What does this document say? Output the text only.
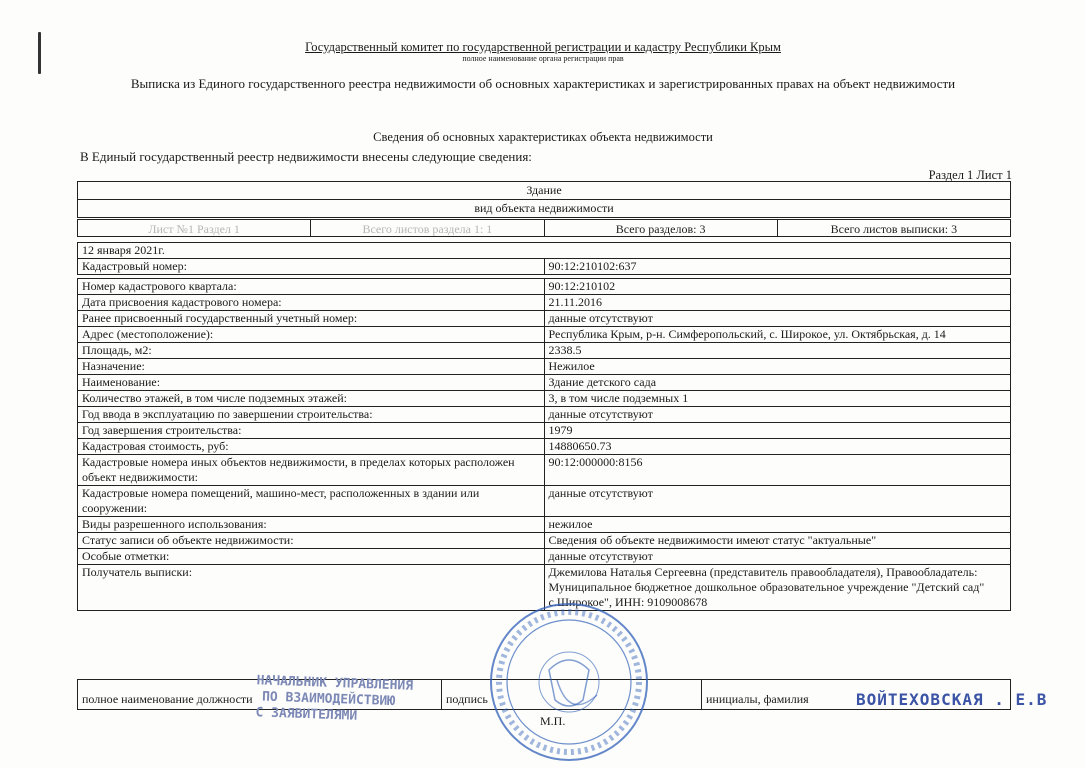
Государственный комитет по государственной регистрации и кадастру Республики Крым
полное наименование органа регистрации прав
Выписка из Единого государственного реестра недвижимости об основных характеристиках и зарегистрированных правах на объект недвижимости
Сведения об основных характеристиках объекта недвижимости
В Единый государственный реестр недвижимости внесены следующие сведения:
Раздел 1 Лист 1
Здание
вид объекта недвижимости
Лист №1 Раздел 1	Всего листов раздела 1: 1	Всего разделов: 3	Всего листов выписки: 3
12 января 2021г.	
Кадастровый номер:	90:12:210102:637

Номер кадастрового квартала:	90:12:210102
Дата присвоения кадастрового номера:	21.11.2016
Ранее присвоенный государственный учетный номер:	данные отсутствуют
Адрес (местоположение):	Республика Крым, р-н. Симферопольский, с. Широкое, ул. Октябрьская, д. 14
Площадь, м2:	2338.5
Назначение:	Нежилое
Наименование:	Здание детского сада
Количество этажей, в том числе подземных этажей:	3, в том числе подземных 1
Год ввода в эксплуатацию по завершении строительства:	данные отсутствуют
Год завершения строительства:	1979
Кадастровая стоимость, руб:	14880650.73
Кадастровые номера иных объектов недвижимости, в пределах которых расположен объект недвижимости:	90:12:000000:8156
Кадастровые номера помещений, машино-мест, расположенных в здании или сооружении:	данные отсутствуют
Виды разрешенного использования:	нежилое
Статус записи об объекте недвижимости:	Сведения об объекте недвижимости имеют статус "актуальные"
Особые отметки:	данные отсутствуют
Получатель выписки:	Джемилова Наталья Сергеевна (представитель правообладателя), Правообладатель: Муниципальное бюджетное дошкольное образовательное учреждение "Детский сад" с.Широкое", ИНН: 9109008678
полное наименование должности	подпись	инициалы, фамилия
НАЧАЛЬНИК УПРАВЛЕНИЯ
ПО ВЗАИМОДЕЙСТВИЮ
С ЗАЯВИТЕЛЯМИ
ВОЙТЕХОВСКАЯ . Е.В
М.П.
